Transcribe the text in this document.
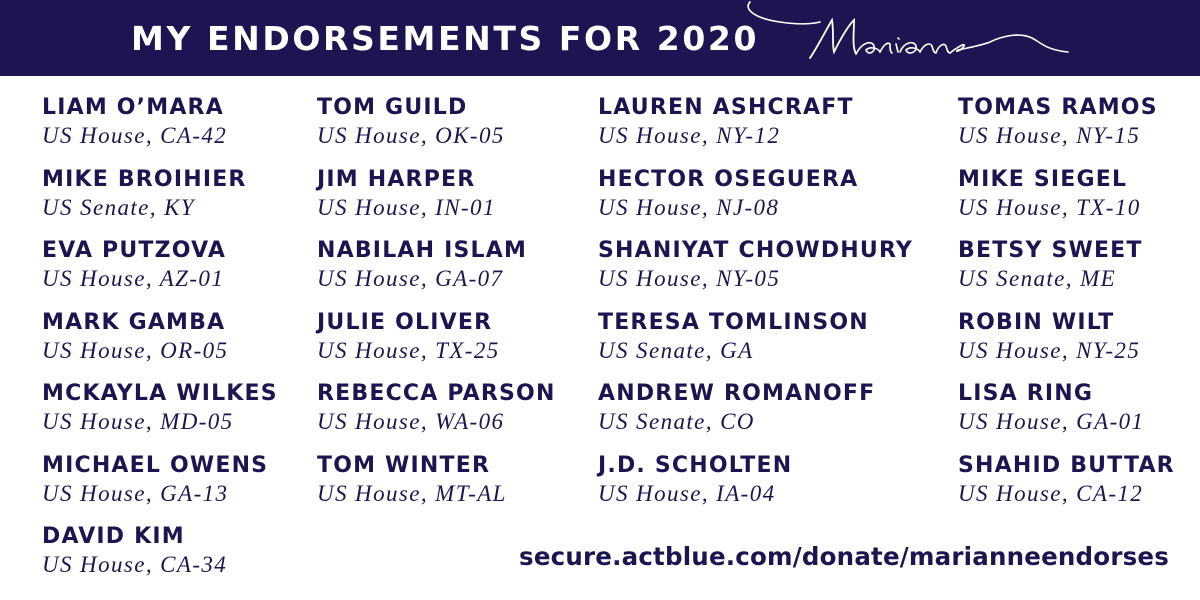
MY ENDORSEMENTS FOR 2020
LIAM O’MARA
US House, CA-42
MIKE BROIHIER
US Senate, KY
EVA PUTZOVA
US House, AZ-01
MARK GAMBA
US House, OR-05
MCKAYLA WILKES
US House, MD-05
MICHAEL OWENS
US House, GA-13
DAVID KIM
US House, CA-34
TOM GUILD
US House, OK-05
JIM HARPER
US House, IN-01
NABILAH ISLAM
US House, GA-07
JULIE OLIVER
US House, TX-25
REBECCA PARSON
US House, WA-06
TOM WINTER
US House, MT-AL
LAUREN ASHCRAFT
US House, NY-12
HECTOR OSEGUERA
US House, NJ-08
SHANIYAT CHOWDHURY
US House, NY-05
TERESA TOMLINSON
US Senate, GA
ANDREW ROMANOFF
US Senate, CO
J.D. SCHOLTEN
US House, IA-04
TOMAS RAMOS
US House, NY-15
MIKE SIEGEL
US House, TX-10
BETSY SWEET
US Senate, ME
ROBIN WILT
US House, NY-25
LISA RING
US House, GA-01
SHAHID BUTTAR
US House, CA-12
secure.actblue.com/donate/marianneendorses
